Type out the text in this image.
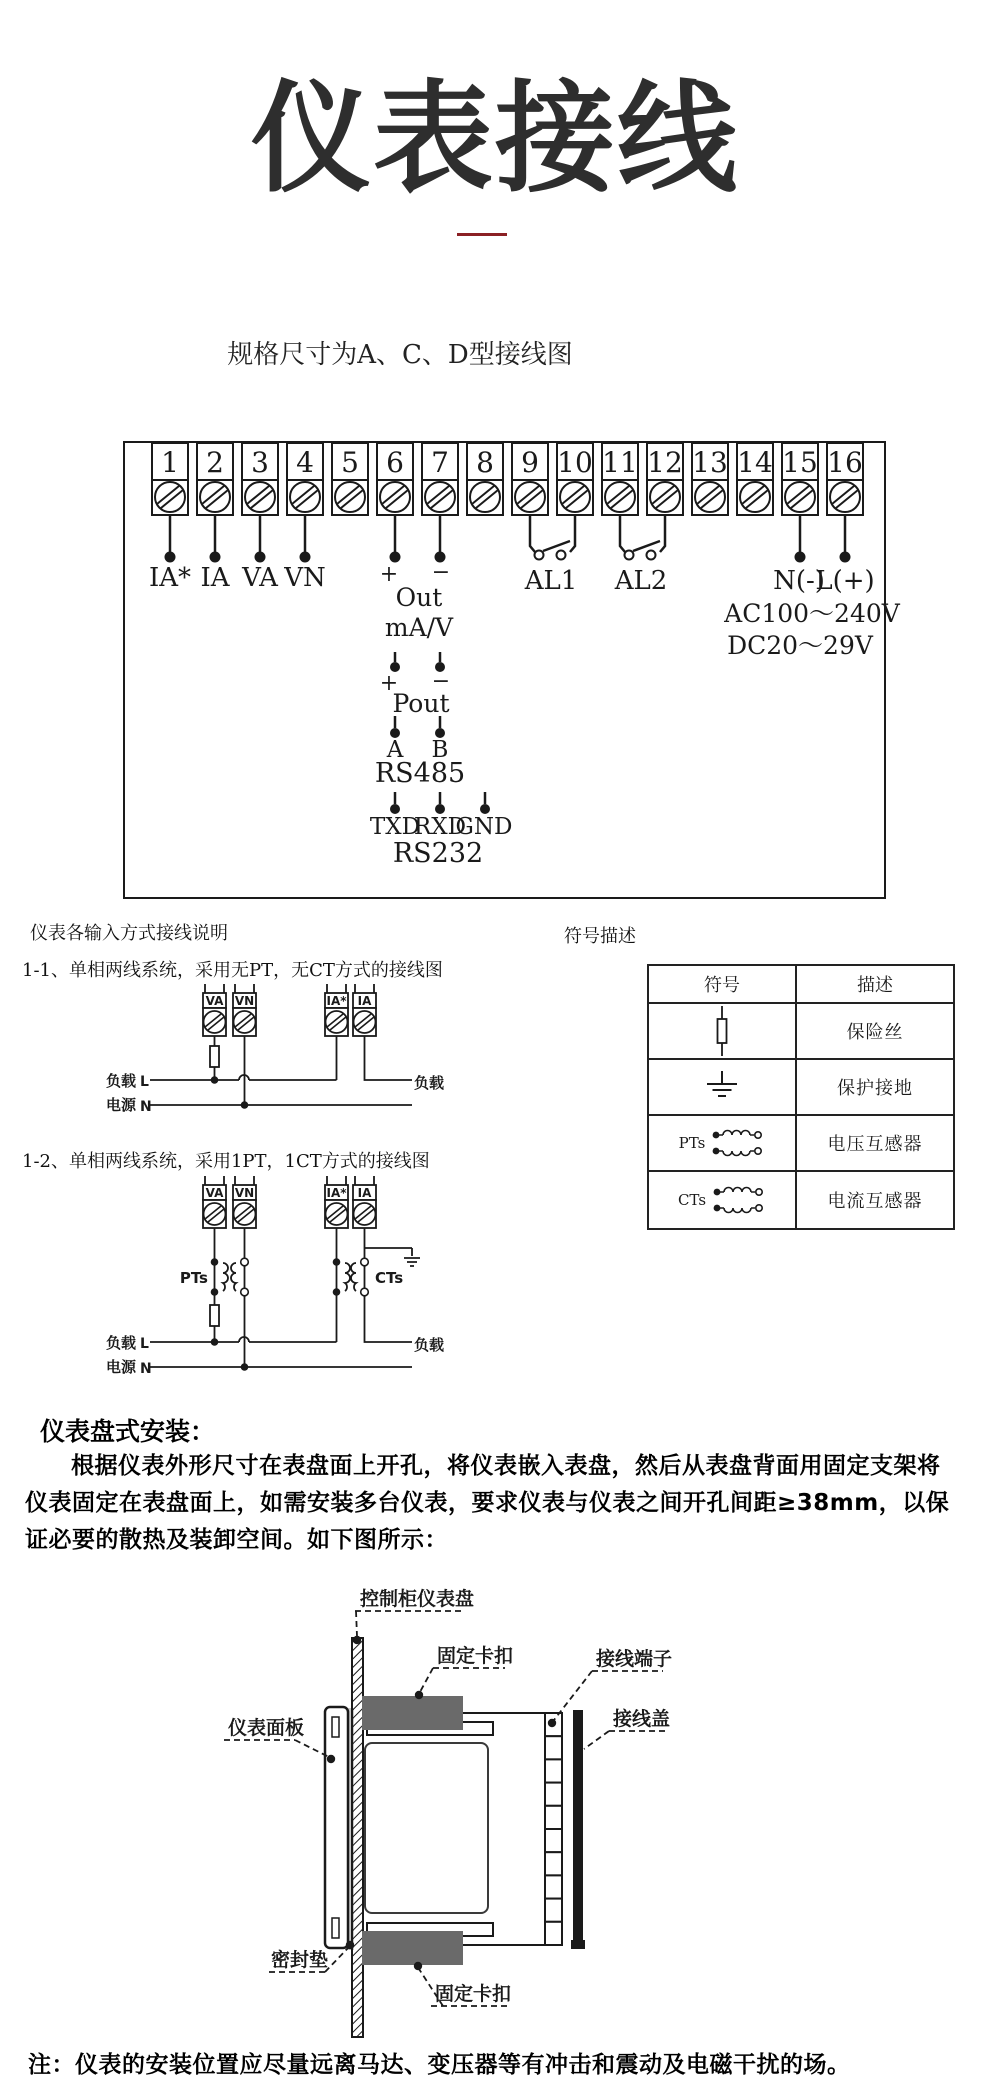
仪表接线
规格尺寸为A、C、D型接线图
1 2 3 4 5 6 7 8 9 10 11 12 13 14 15 16
IA* IA VA VN + −
Out
mA/V
AL1 AL2	N(-)
L(+)
AC100～240V
DC20～29V
+ −
Pout
A B
RS485
TXD
RXD
GND
RS232
仪表各输入方式接线说明
1-1、单相两线系统，采用无PT，无CT方式的接线图
1-2、单相两线系统，采用1PT，1CT方式的接线图
符号描述
VA VN	IA* IA
负载 L
电源 N
负载
VA VN	IA* IA
PTs	CTs
负载 L
电源 N
负载
符号	描述
保险丝
保护接地
PTs	电压互感器
CTs	电流互感器
仪表盘式安装：
根据仪表外形尺寸在表盘面上开孔，将仪表嵌入表盘，然后从表盘背面用固定支架将仪表固定在表盘面上，如需安装多台仪表，要求仪表与仪表之间开孔间距≥38mm，以保证必要的散热及装卸空间。如下图所示：
控制柜仪表盘
固定卡扣	接线端子
接线盖
仪表面板
密封垫
固定卡扣
注：仪表的安装位置应尽量远离马达、变压器等有冲击和震动及电磁干扰的场。
